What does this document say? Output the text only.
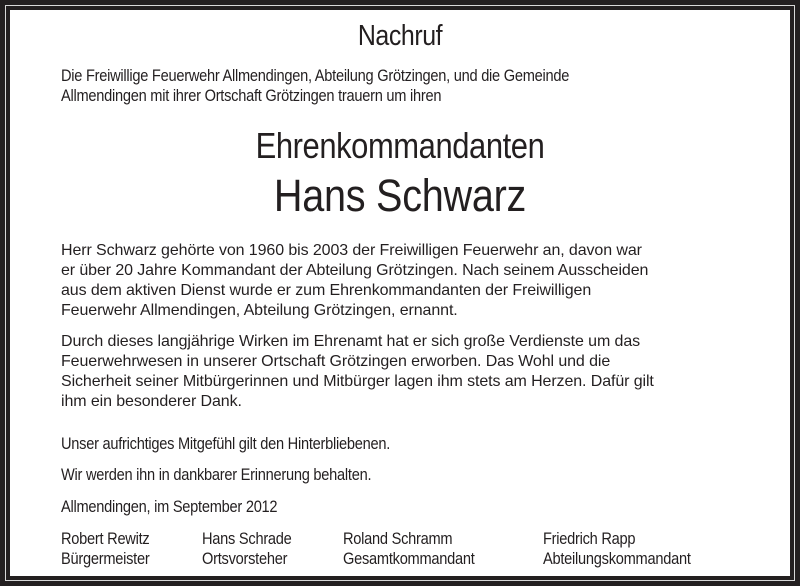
Nachruf
Die Freiwillige Feuerwehr Allmendingen, Abteilung Grötzingen, und die Gemeinde
Allmendingen mit ihrer Ortschaft Grötzingen trauern um ihren
Ehrenkommandanten
Hans Schwarz
Herr Schwarz gehörte von 1960 bis 2003 der Freiwilligen Feuerwehr an, davon war
er über 20 Jahre Kommandant der Abteilung Grötzingen. Nach seinem Ausscheiden
aus dem aktiven Dienst wurde er zum Ehrenkommandanten der Freiwilligen
Feuerwehr Allmendingen, Abteilung Grötzingen, ernannt.
Durch dieses langjährige Wirken im Ehrenamt hat er sich große Verdienste um das
Feuerwehrwesen in unserer Ortschaft Grötzingen erworben. Das Wohl und die
Sicherheit seiner Mitbürgerinnen und Mitbürger lagen ihm stets am Herzen. Dafür gilt
ihm ein besonderer Dank.
Unser aufrichtiges Mitgefühl gilt den Hinterbliebenen.
Wir werden ihn in dankbarer Erinnerung behalten.
Allmendingen, im September 2012
Robert Rewitz
Bürgermeister
Hans Schrade
Ortsvorsteher
Roland Schramm
Gesamtkommandant
Friedrich Rapp
Abteilungskommandant
